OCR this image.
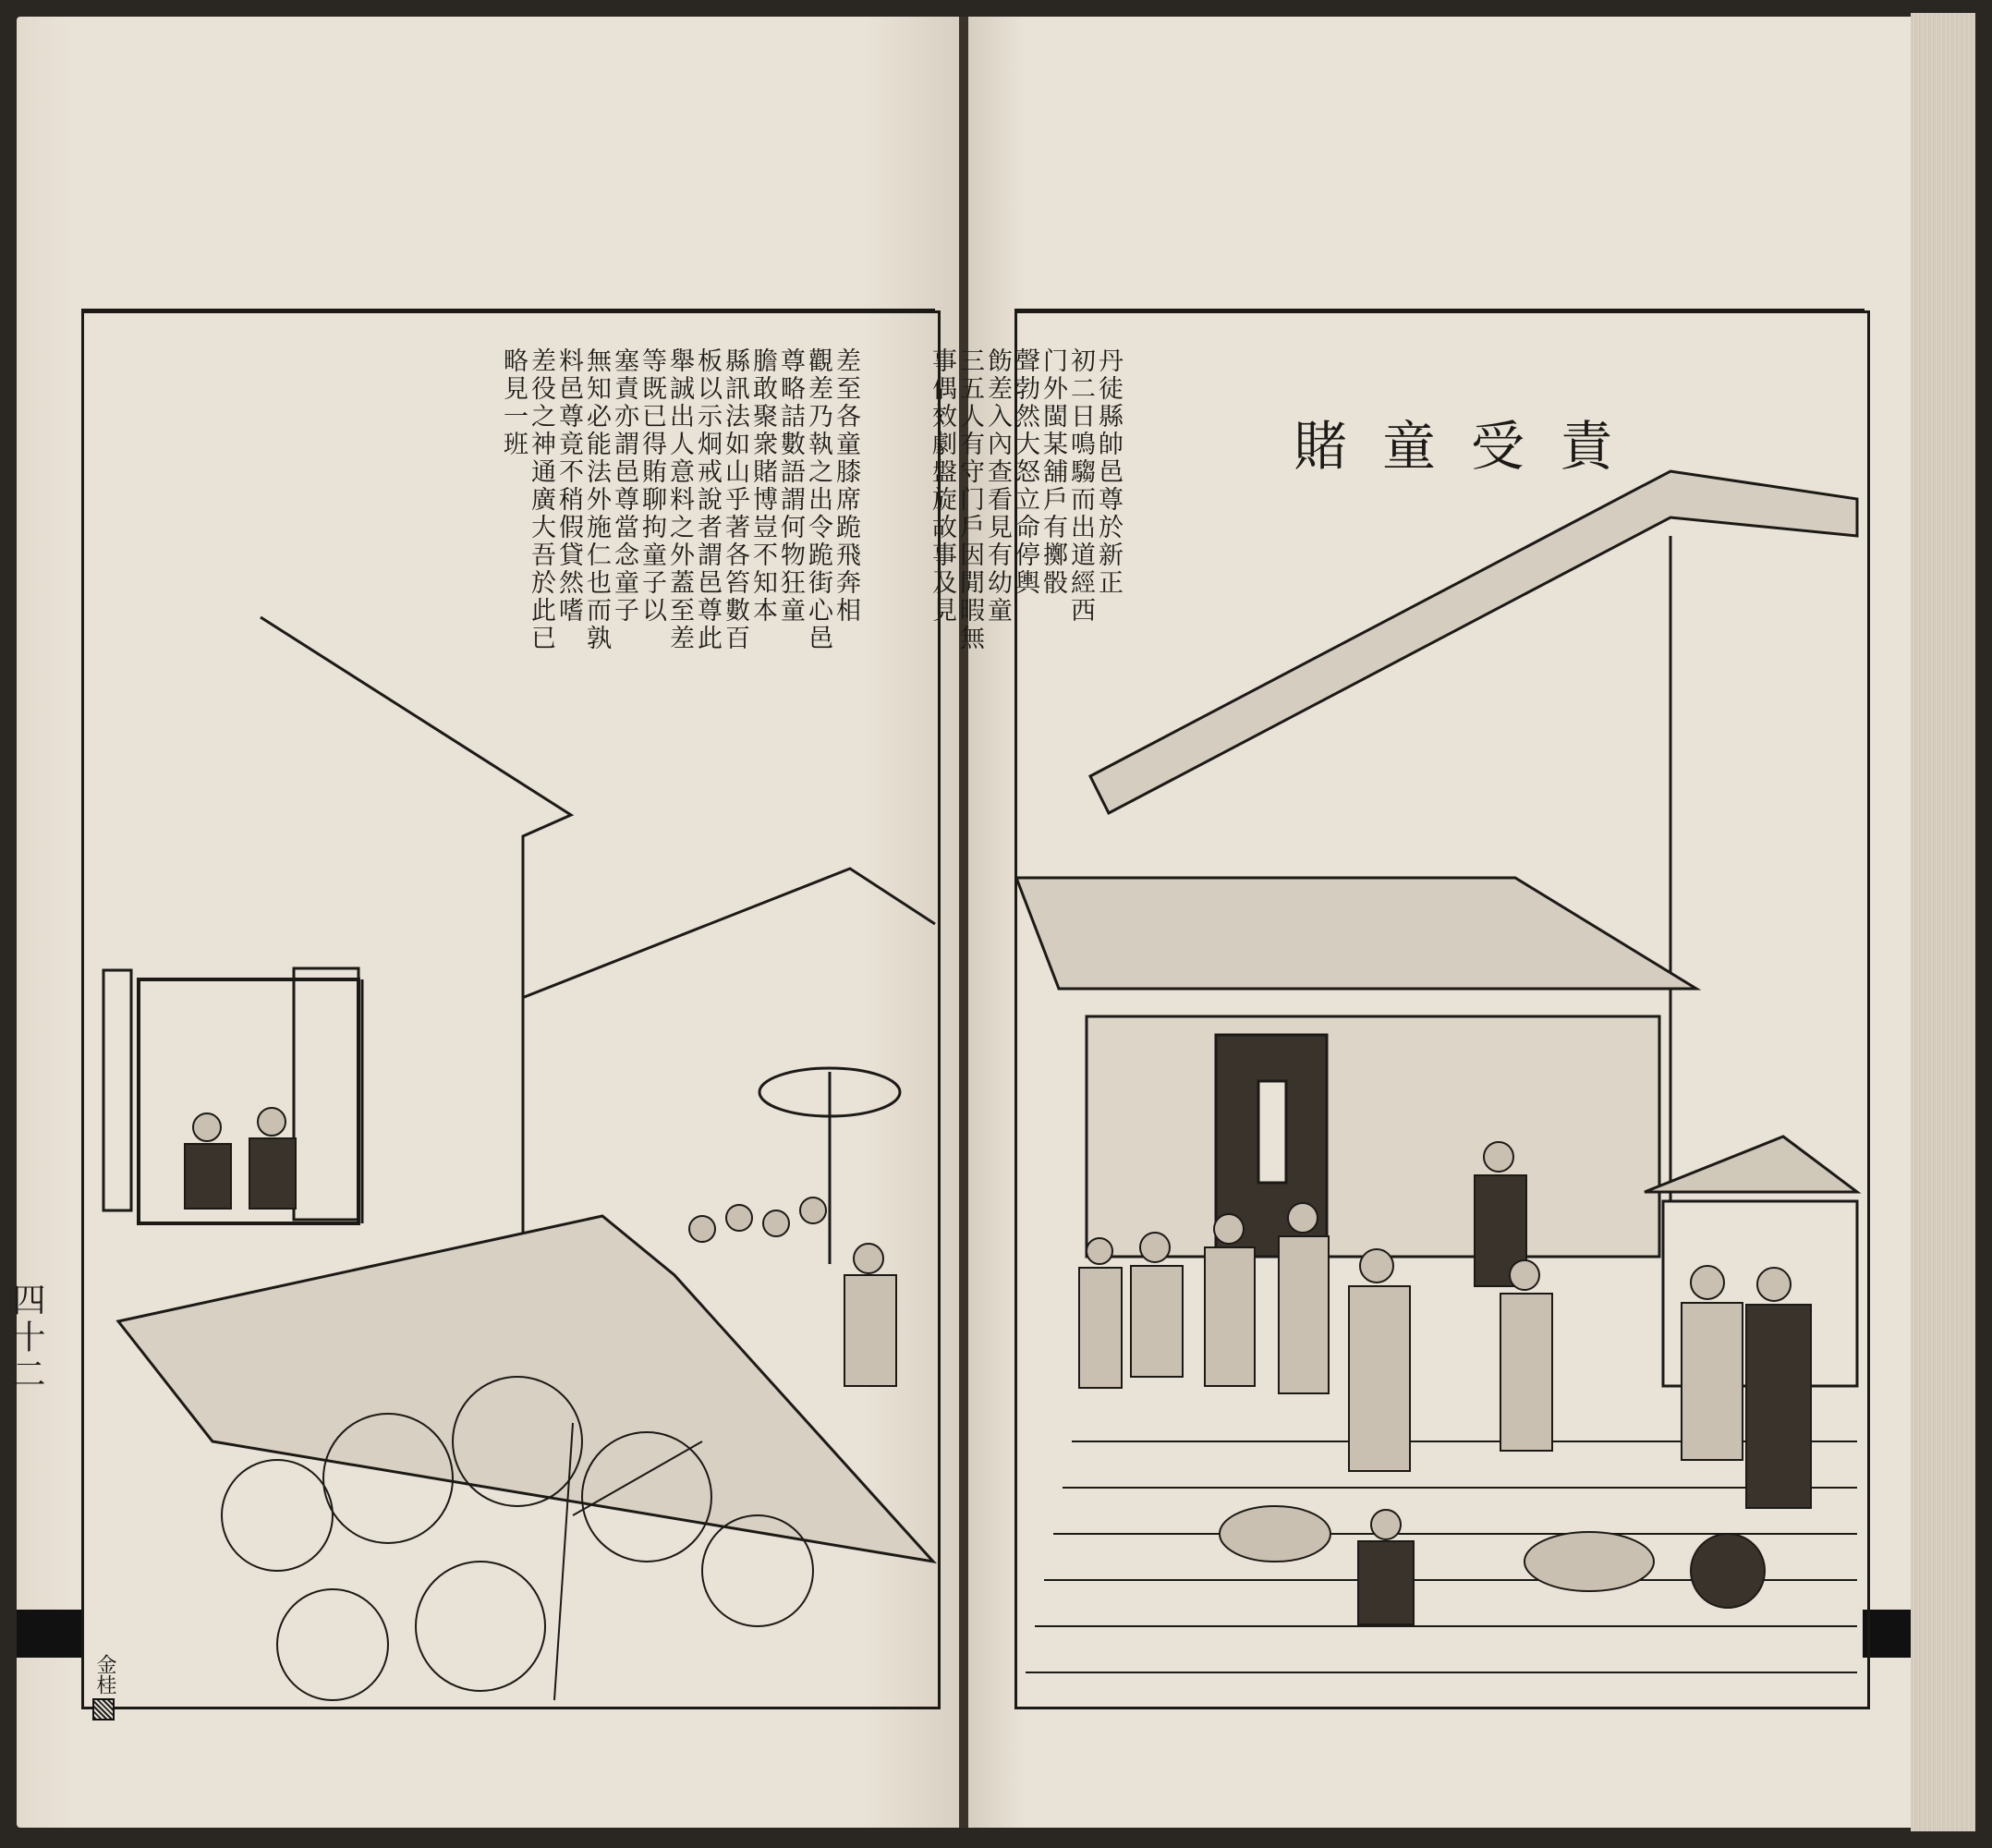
四十二
賭童受責
丹徒縣帥邑尊於新正
初二日鳴騶而出道經西
门外閩某舖戶有擲骰
聲勃然大怒立命停輿
差至各童膝席跪飛奔相
觀差乃執之出令跪街心邑
尊略詰數語謂何物狂童
膽敢聚衆賭博豈不知本
縣訊法如山乎著各笞數百
板以示炯戒說者謂邑尊此
舉誠出人意料之外蓋至差
等既已得賄聊拘童子以
塞責亦謂邑尊當念童子
無知必能法外施仁也而孰
料邑尊竟不稍假貸然嗜
差役之神通廣大吾於此已
略見一班
金桂
飭差入內查看見有幼童
三五人有守门戶因閒暇無
事偶效劇盤旋故事及見
